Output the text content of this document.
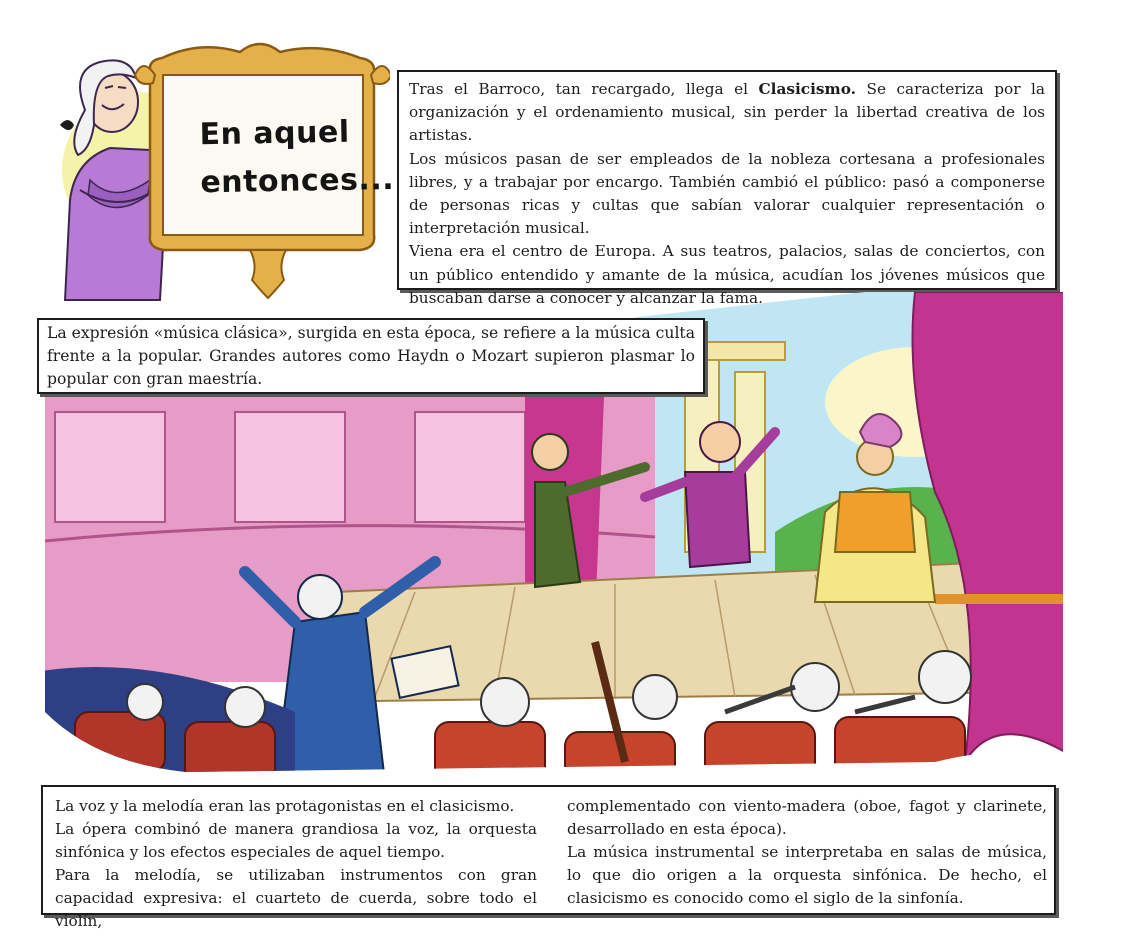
En aquel
entonces...

Tras el Barroco, tan recargado, llega el Clasicismo. Se caracteriza por la organización y el ordenamiento musical, sin perder la libertad creativa de los artistas.

Los músicos pasan de ser empleados de la nobleza cortesana a profesionales libres, y a trabajar por encargo. También cambió el público: pasó a componerse de personas ricas y cultas que sabían valorar cualquier representación o interpretación musical.

Viena era el centro de Europa. A sus teatros, palacios, salas de conciertos, con un público entendido y amante de la música, acudían los jóvenes músicos que buscaban darse a conocer y alcanzar la fama.

La expresión «música clásica», surgida en esta época, se refiere a la música culta frente a la popular. Grandes autores como Haydn o Mozart supieron plasmar lo popular con gran maestría.

La voz y la melodía eran las protagonistas en el clasicismo.

La ópera combinó de manera grandiosa la voz, la orquesta sinfónica y los efectos especiales de aquel tiempo.

Para la melodía, se utilizaban instrumentos con gran capacidad expresiva: el cuarteto de cuerda, sobre todo el violín,

complementado con viento-madera (oboe, fagot y clarinete, desarrollado en esta época).

La música instrumental se interpretaba en salas de música, lo que dio origen a la orquesta sinfónica. De hecho, el clasicismo es conocido como el siglo de la sinfonía.
